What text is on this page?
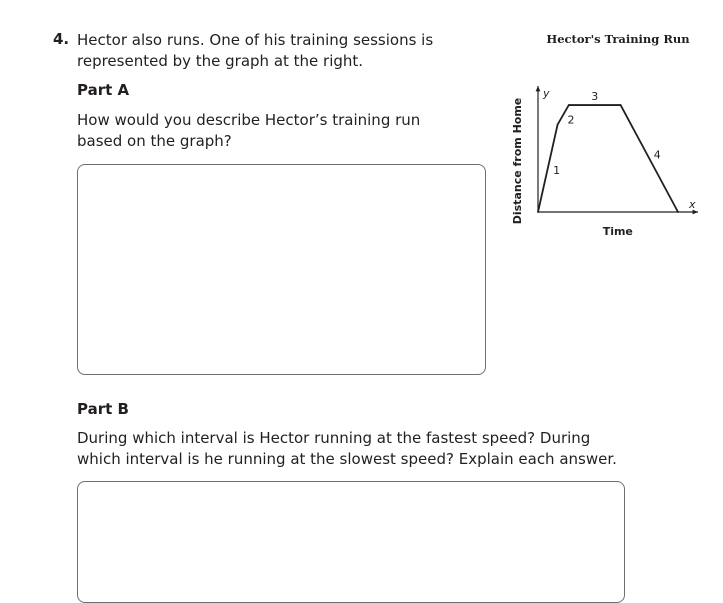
4. Hector also runs. One of his training sessions is represented by the graph at the right.
Part A
How would you describe Hector’s training run based on the graph?
Part B
During which interval is Hector running at the fastest speed? During which interval is he running at the slowest speed? Explain each answer.
Hector's Training Run
x
y
Time
Distance from Home	1
2
3
4
